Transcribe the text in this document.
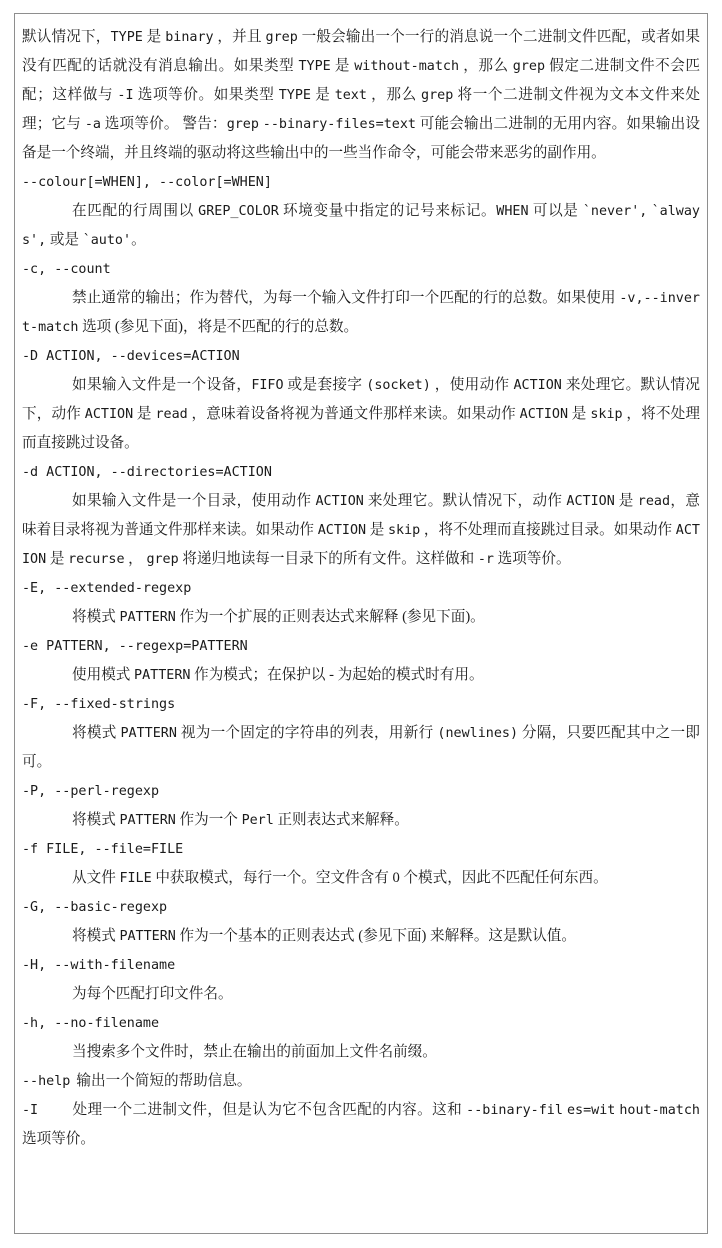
默认情况下，TYPE 是 binary ，并且 grep 一般会输出一个一行的消息说一个二进制文件匹配，或者如果没有匹配的话就没有消息输出。如果类型 TYPE 是 without-match ，那么 grep 假定二进制文件不会匹配；这样做与 -I 选项等价。如果类型 TYPE 是 text ，那么 grep 将一个二进制文件视为文本文件来处理；它与 -a 选项等价。 警告：grep --binary-files=text 可能会输出二进制的无用内容。如果输出设备是一个终端，并且终端的驱动将这些输出中的一些当作命令，可能会带来恶劣的副作用。

--colour[=WHEN], --color[=WHEN]

在匹配的行周围以 GREP_COLOR 环境变量中指定的记号来标记。WHEN 可以是 `never', `always', 或是 `auto'。

-c, --count

禁止通常的输出；作为替代，为每一个输入文件打印一个匹配的行的总数。如果使用 -v,--invert-match 选项 (参见下面)，将是不匹配的行的总数。

-D ACTION, --devices=ACTION

如果输入文件是一个设备，FIFO 或是套接字 (socket) ，使用动作 ACTION 来处理它。默认情况下，动作 ACTION 是 read ，意味着设备将视为普通文件那样来读。如果动作 ACTION 是 skip ，将不处理而直接跳过设备。

-d ACTION, --directories=ACTION

如果输入文件是一个目录，使用动作 ACTION 来处理它。默认情况下，动作 ACTION 是 read，意味着目录将视为普通文件那样来读。如果动作 ACTION 是 skip ，将不处理而直接跳过目录。如果动作 ACTION 是 recurse ， grep 将递归地读每一目录下的所有文件。这样做和 -r 选项等价。

-E, --extended-regexp

将模式 PATTERN 作为一个扩展的正则表达式来解释 (参见下面)。

-e PATTERN, --regexp=PATTERN

使用模式 PATTERN 作为模式；在保护以 - 为起始的模式时有用。

-F, --fixed-strings

将模式 PATTERN 视为一个固定的字符串的列表，用新行 (newlines) 分隔，只要匹配其中之一即可。

-P, --perl-regexp

将模式 PATTERN 作为一个 Perl 正则表达式来解释。

-f FILE, --file=FILE

从文件 FILE 中获取模式，每行一个。空文件含有 0 个模式，因此不匹配任何东西。

-G, --basic-regexp

将模式 PATTERN 作为一个基本的正则表达式 (参见下面) 来解释。这是默认值。

-H, --with-filename

为每个匹配打印文件名。

-h, --no-filename

当搜索多个文件时，禁止在输出的前面加上文件名前缀。

--help 输出一个简短的帮助信息。

-I 处理一个二进制文件，但是认为它不包含匹配的内容。这和 --binary-fil es=wit hout-match 选项等价。
